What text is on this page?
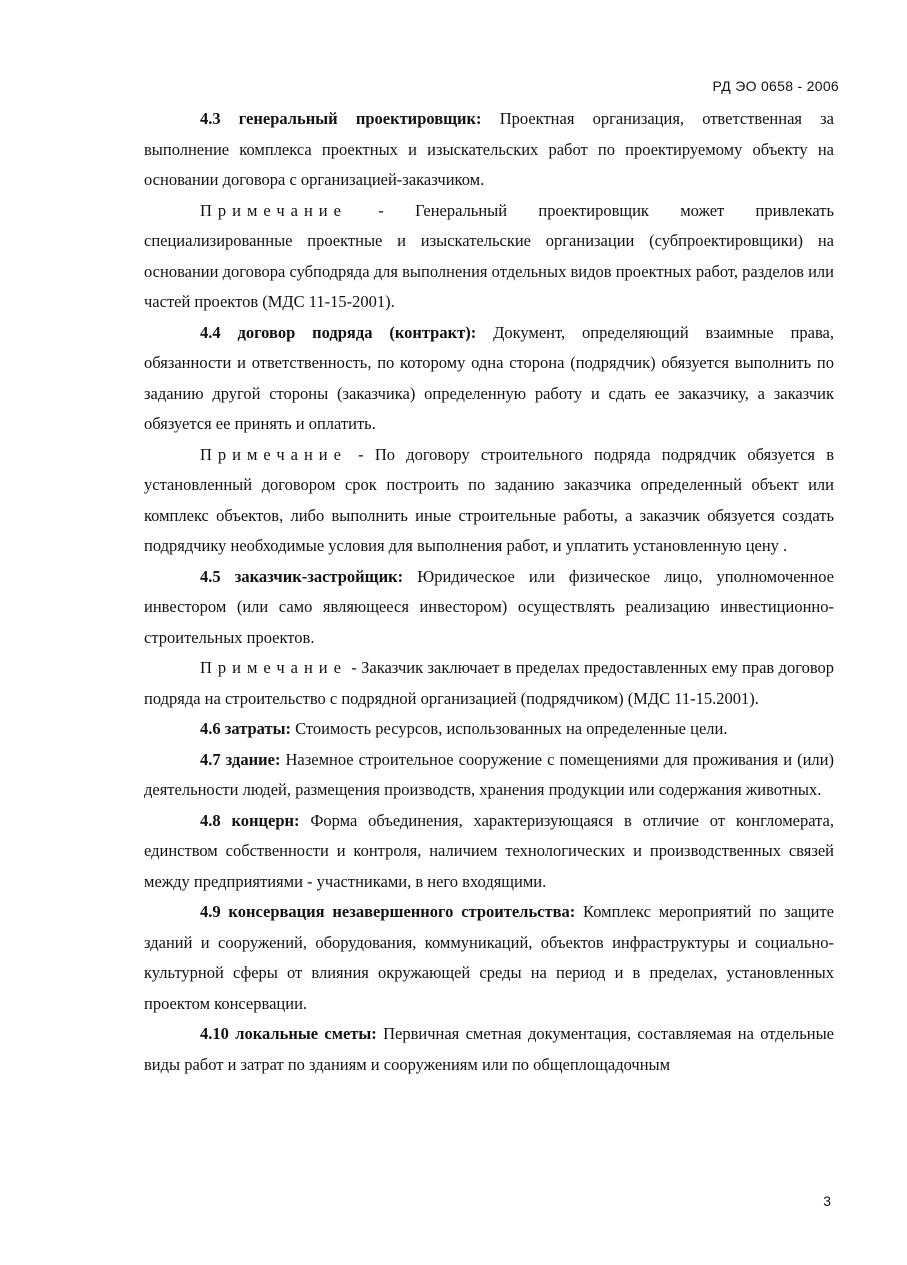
РД ЭО 0658 - 2006

4.3 генеральный проектировщик: Проектная организация, ответственная за выполнение комплекса проектных и изыскательских работ по проектируемому объекту на основании договора с организацией-заказчиком.

Примечание - Генеральный проектировщик может привлекать специализированные проектные и изыскательские организации (субпроектировщики) на основании договора субподряда для выполнения отдельных видов проектных работ, разделов или частей проектов (МДС 11-15-2001).

4.4 договор подряда (контракт): Документ, определяющий взаимные права, обязанности и ответственность, по которому одна сторона (подрядчик) обязуется выполнить по заданию другой стороны (заказчика) определенную работу и сдать ее заказчику, а заказчик обязуется ее принять и оплатить.

Примечание - По договору строительного подряда подрядчик обязуется в установленный договором срок построить по заданию заказчика определенный объект или комплекс объектов, либо выполнить иные строительные работы, а заказчик обязуется создать подрядчику необходимые условия для выполнения работ, и уплатить установленную цену .

4.5 заказчик-застройщик: Юридическое или физическое лицо, уполномоченное инвестором (или само являющееся инвестором) осуществлять реализацию инвестиционно-строительных проектов.

Примечание - Заказчик заключает в пределах предоставленных ему прав договор подряда на строительство с подрядной организацией (подрядчиком) (МДС 11-15.2001).

4.6 затраты: Стоимость ресурсов, использованных на определенные цели.

4.7 здание: Наземное строительное сооружение с помещениями для проживания и (или) деятельности людей, размещения производств, хранения продукции или содержания животных.

4.8 концерн: Форма объединения, характеризующаяся в отличие от конгломерата, единством собственности и контроля, наличием технологических и производственных связей между предприятиями - участниками, в него входящими.

4.9 консервация незавершенного строительства: Комплекс мероприятий по защите зданий и сооружений, оборудования, коммуникаций, объектов инфраструктуры и социально-культурной сферы от влияния окружающей среды на период и в пределах, установленных проектом консервации.

4.10 локальные сметы: Первичная сметная документация, составляемая на отдельные виды работ и затрат по зданиям и сооружениям или по общеплощадочным

3
